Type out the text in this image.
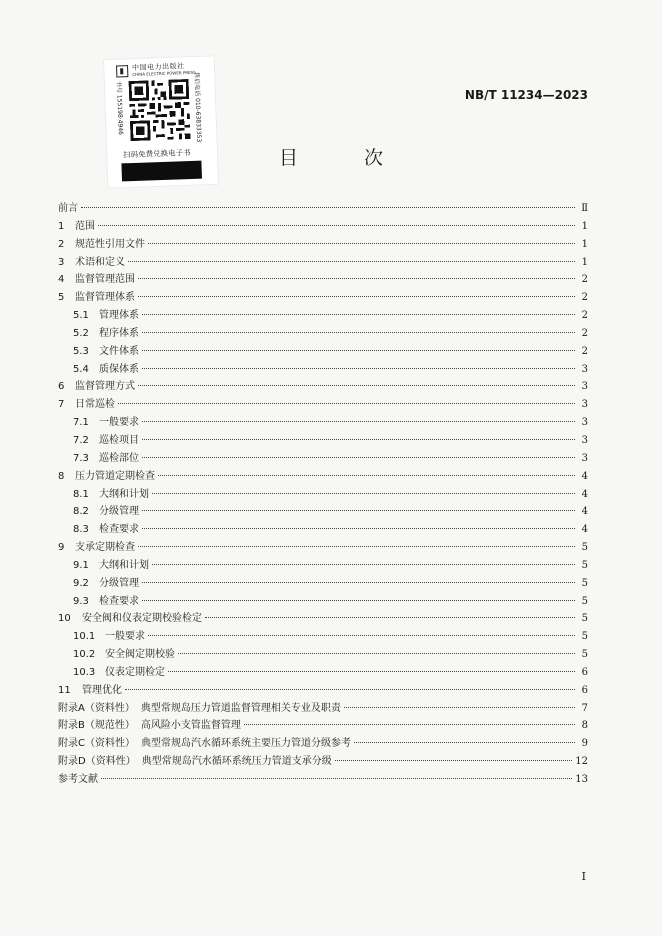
中国电力出版社
CHINA ELECTRIC POWER PRESS
书号 155198·4946	售后电话 010-63833353
扫码免费兑换电子书
NB/T 11234—2023
目 次
前言	Ⅱ
1	范围	1
2	规范性引用文件	1
3	术语和定义	1
4	监督管理范围	2
5	监督管理体系	2
5.1	管理体系	2
5.2	程序体系	2
5.3	文件体系	2
5.4	质保体系	3
6	监督管理方式	3
7	日常巡检	3
7.1	一般要求	3
7.2	巡检项目	3
7.3	巡检部位	3
8	压力管道定期检查	4
8.1	大纲和计划	4
8.2	分级管理	4
8.3	检查要求	4
9	支承定期检查	5
9.1	大纲和计划	5
9.2	分级管理	5
9.3	检查要求	5
10	安全阀和仪表定期校验检定	5
10.1 一般要求	5
10.2 安全阀定期校验	5
10.3 仪表定期检定	6
11	管理优化	6
附录A（资料性） 典型常规岛压力管道监督管理相关专业及职责	7
附录B（规范性） 高风险小支管监督管理	8
附录C（资料性） 典型常规岛汽水循环系统主要压力管道分级参考	9
附录D（资料性） 典型常规岛汽水循环系统压力管道支承分级	12
参考文献	13
I
